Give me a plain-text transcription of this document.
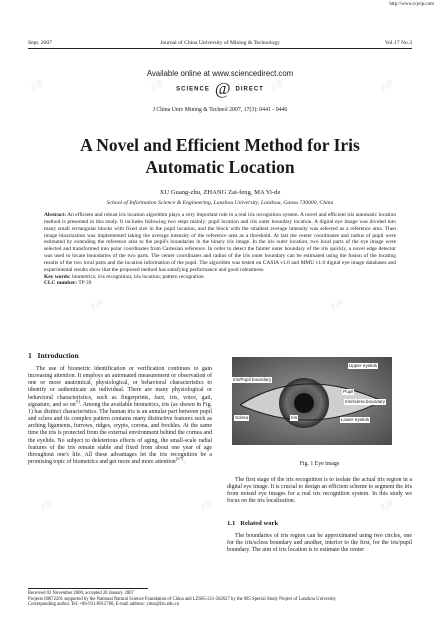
http://www.cqvip.com
ZIP	ZIP	ZIP	ZIP
ZIP	ZIP
ZIP	ZIP	ZIP
Sept. 2007	Journal of China University of Mining & Technology	Vol.17 No.3
Available online at www.sciencedirect.com
SCIENCE @ DIRECT
J China Univ Mining & Technol 2007, 17(3): 0441 - 0446
A Novel and Efficient Method for Iris
Automatic Location
XU Guang-zhu, ZHANG Zai-feng, MA Yi-de
School of Information Science & Engineering, Lanzhou University, Lanzhou, Gansu 730000, China
Abstract: An efficient and robust iris location algorithm plays a very important role in a real iris recognition system. A novel and efficient iris automatic location method is presented in this study. It includes following two steps mainly: pupil location and iris outer boundary location. A digital eye image was divided into many small rectangular blocks with fixed size in the pupil location, and the block with the smallest average intensity was selected as a reference area. Then image binarization was implemented taking the average intensity of the reference area as a threshold. At last the center coordinates and radius of pupil were estimated by extending the reference area to the pupil's boundaries in the binary iris image. In the iris outer location, two local parts of the eye image were selected and transformed into polar coordinates from Cartesian reference. In order to detect the fainter outer boundary of the iris quickly, a novel edge detector was used to locate boundaries of the two parts. The center coordinates and radius of the iris outer boundary can be estimated using the fusion of the locating results of the two local parts and the location information of the pupil. The algorithm was tested on CASIA v1.0 and MMU v1.0 digital eye image databases and experimental results show that the proposed method has satisfying performance and good robustness.
Key words: biometrics; iris recognition; iris location; pattern recognition
CLC number: TP 39
1 Introduction
The use of biometric identification or verification continues to gain increasing attention. It employs an automated measurement or observation of one or more anatomical, physiological, or behavioral characteristics to identify or authenticate an individual. There are many physiological or behavioral characteristics, such as fingerprints, face, iris, voice, gait, signature, and so on[1]. Among the available biometrics, iris (as shown in Fig. 1) has distinct characteristics. The human iris is an annular part between pupil and sclera and its complex pattern contains many distinctive features such as arching ligaments, furrows, ridges, crypts, corona, and freckles. At the same time the iris is protected from the external environment behind the cornea and the eyelids. No subject to deleterious effects of aging, the small-scale radial features of the iris remain stable and fixed from about one year of age throughout one's life. All these advantages let the iris recognition be a promising topic of biometrics and get more and more attention[2-7].
Upper eyelids
Iris/Pupil boundary
Pupil
Iris/sclera boundary
Sclera	Iris	Lower eyelids
Fig. 1 Eye image
The first stage of the iris recognition is to isolate the actual iris region in a digital eye image. It is crucial to design an efficient scheme to segment the iris from noised eye images for a real iris recognition system. In this study we focus on the iris localization.
1.1 Related work
The boundaries of iris region can be approximated using two circles, one for the iris/sclera boundary and another, interior to the first, for the iris/pupil boundary. The aim of iris location is to estimate the center
Received 02 November 2006; accepted 20 January 2007
Projects 60872201 supported by the National Natural Science Foundation of China and LZS85-211-582627 by the 985 Special Study Project of Lanzhou University
Corresponding author. Tel: +86-931-8912786; E-mail address: yima@lzu.edu.cn
